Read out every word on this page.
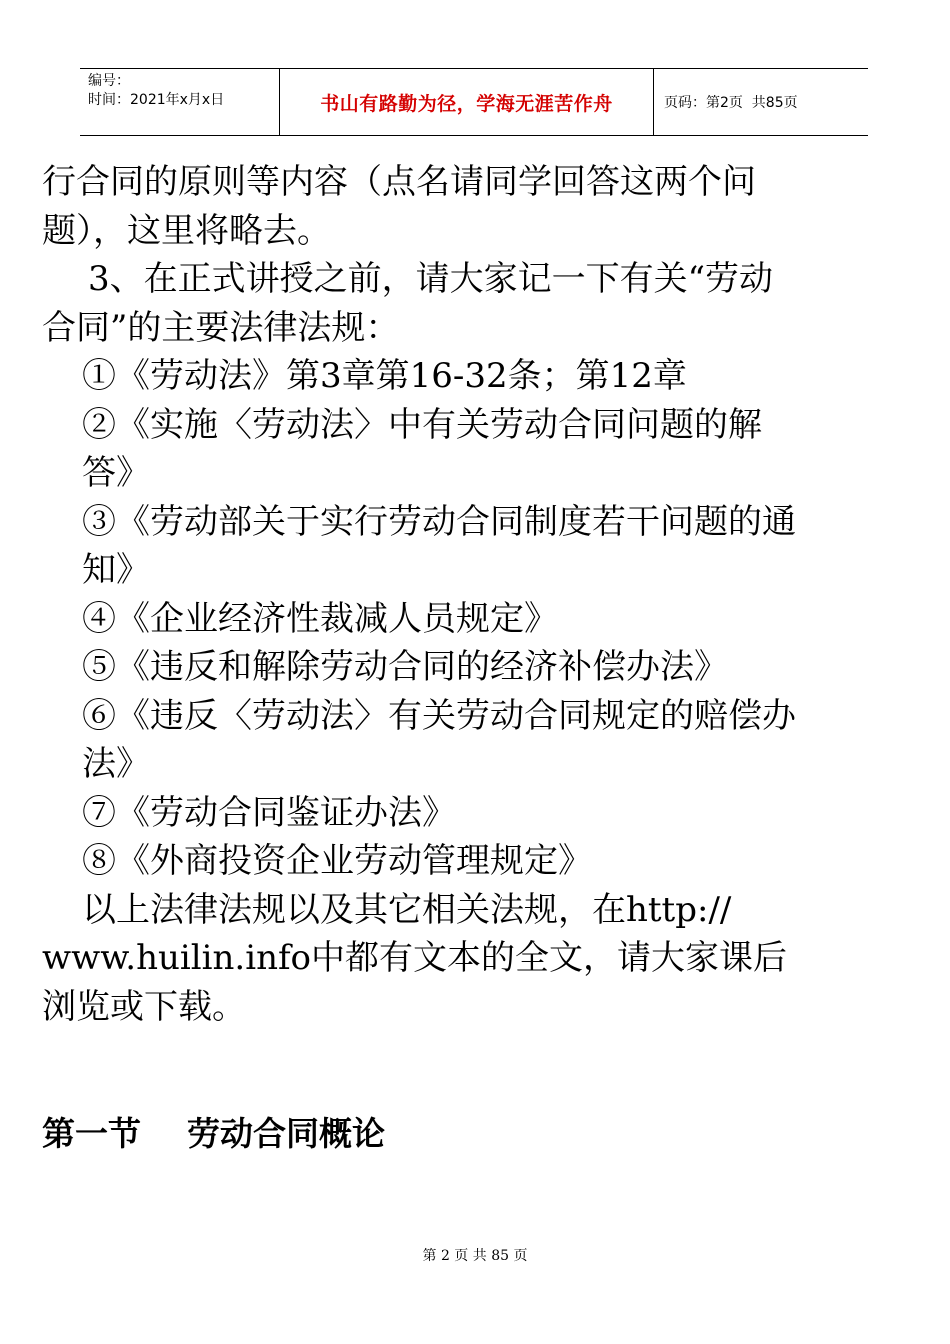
编号：
时间：2021年x月x日	书山有路勤为径，学海无涯苦作舟	页码：第2页  共85页
行合同的原则等内容（点名请同学回答这两个问
题），这里将略去。
3、在正式讲授之前，请大家记一下有关“劳动
合同”的主要法律法规：
①《劳动法》第3章第16-32条；第12章
②《实施〈劳动法〉中有关劳动合同问题的解
答》
③《劳动部关于实行劳动合同制度若干问题的通
知》
④《企业经济性裁减人员规定》
⑤《违反和解除劳动合同的经济补偿办法》
⑥《违反〈劳动法〉有关劳动合同规定的赔偿办
法》
⑦《劳动合同鉴证办法》
⑧《外商投资企业劳动管理规定》
以上法律法规以及其它相关法规，在http://
www.huilin.info中都有文本的全文，请大家课后
浏览或下载。
第一节    劳动合同概论
第 2 页 共 85 页
